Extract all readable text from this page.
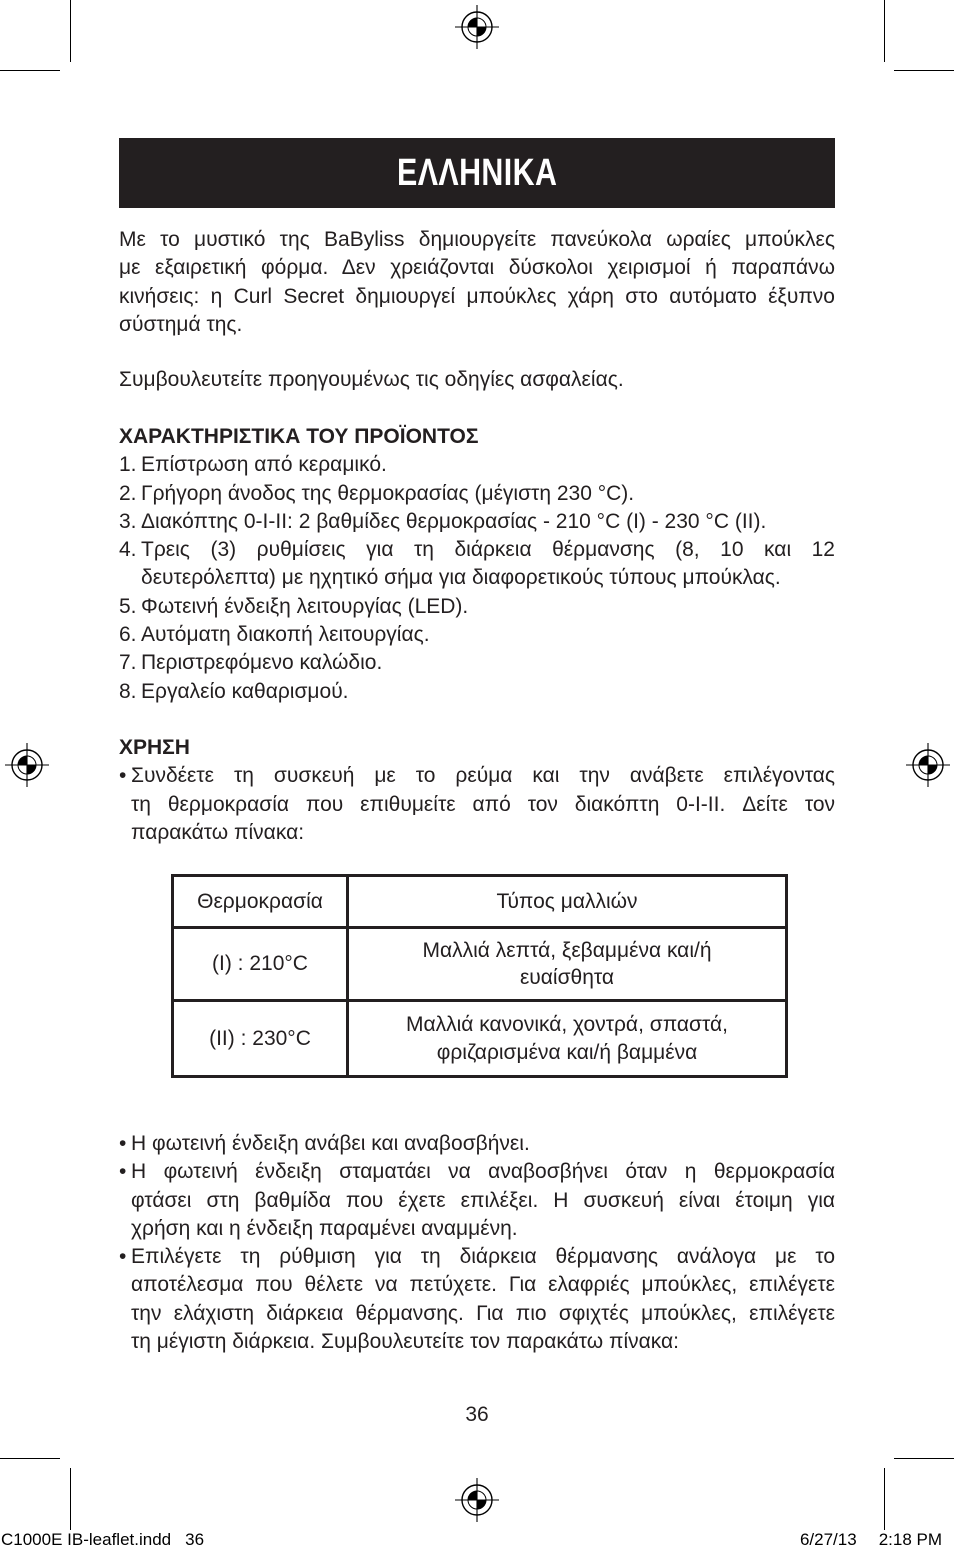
ΕΛΛΗΝΙΚΑ
Με το μυστικό της BaByliss δημιουργείτε πανεύκολα ωραίες μπούκλες
με εξαιρετική φόρμα. Δεν χρειάζονται δύσκολοι χειρισμοί ή παραπάνω
κινήσεις: η Curl Secret δημιουργεί μπούκλες χάρη στο αυτόματο έξυπνο
σύστημά της.
Συμβουλευτείτε προηγουμένως τις οδηγίες ασφαλείας.
ΧΑΡΑΚΤΗΡΙΣΤΙΚΑ ΤΟΥ ΠΡΟΪΟΝΤΟΣ
1. Επίστρωση από κεραμικό.
2. Γρήγορη άνοδος της θερμοκρασίας (μέγιστη 230 °C).
3. Διακόπτης 0-I-II: 2 βαθμίδες θερμοκρασίας - 210 °C (I) - 230 °C (II).
4. Τρεις (3) ρυθμίσεις για τη διάρκεια θέρμανσης (8, 10 και 12
δευτερόλεπτα) με ηχητικό σήμα για διαφορετικούς τύπους μπούκλας.
5. Φωτεινή ένδειξη λειτουργίας (LED).
6. Αυτόματη διακοπή λειτουργίας.
7. Περιστρεφόμενο καλώδιο.
8. Εργαλείο καθαρισμού.
ΧΡΗΣΗ
• Συνδέετε τη συσκευή με το ρεύμα και την ανάβετε επιλέγοντας
τη θερμοκρασία που επιθυμείτε από τον διακόπτη 0-I-II. Δείτε τον
παρακάτω πίνακα:
Θερμοκρασία	Τύπος μαλλιών
(I) : 210°C
Μαλλιά λεπτά, ξεβαμμένα και/ή
ευαίσθητα
(II) : 230°C
Μαλλιά κανονικά, χοντρά, σπαστά,
φριζαρισμένα και/ή βαμμένα
• Η φωτεινή ένδειξη ανάβει και αναβοσβήνει.
• Η φωτεινή ένδειξη σταματάει να αναβοσβήνει όταν η θερμοκρασία
φτάσει στη βαθμίδα που έχετε επιλέξει. Η συσκευή είναι έτοιμη για
χρήση και η ένδειξη παραμένει αναμμένη.
• Επιλέγετε τη ρύθμιση για τη διάρκεια θέρμανσης ανάλογα με το
αποτέλεσμα που θέλετε να πετύχετε. Για ελαφριές μπούκλες, επιλέγετε
την ελάχιστη διάρκεια θέρμανσης. Για πιο σφιχτές μπούκλες, επιλέγετε
τη μέγιστη διάρκεια. Συμβουλευτείτε τον παρακάτω πίνακα:
36
C1000E IB-leaflet.indd 36	6/27/13 2:18 PM
